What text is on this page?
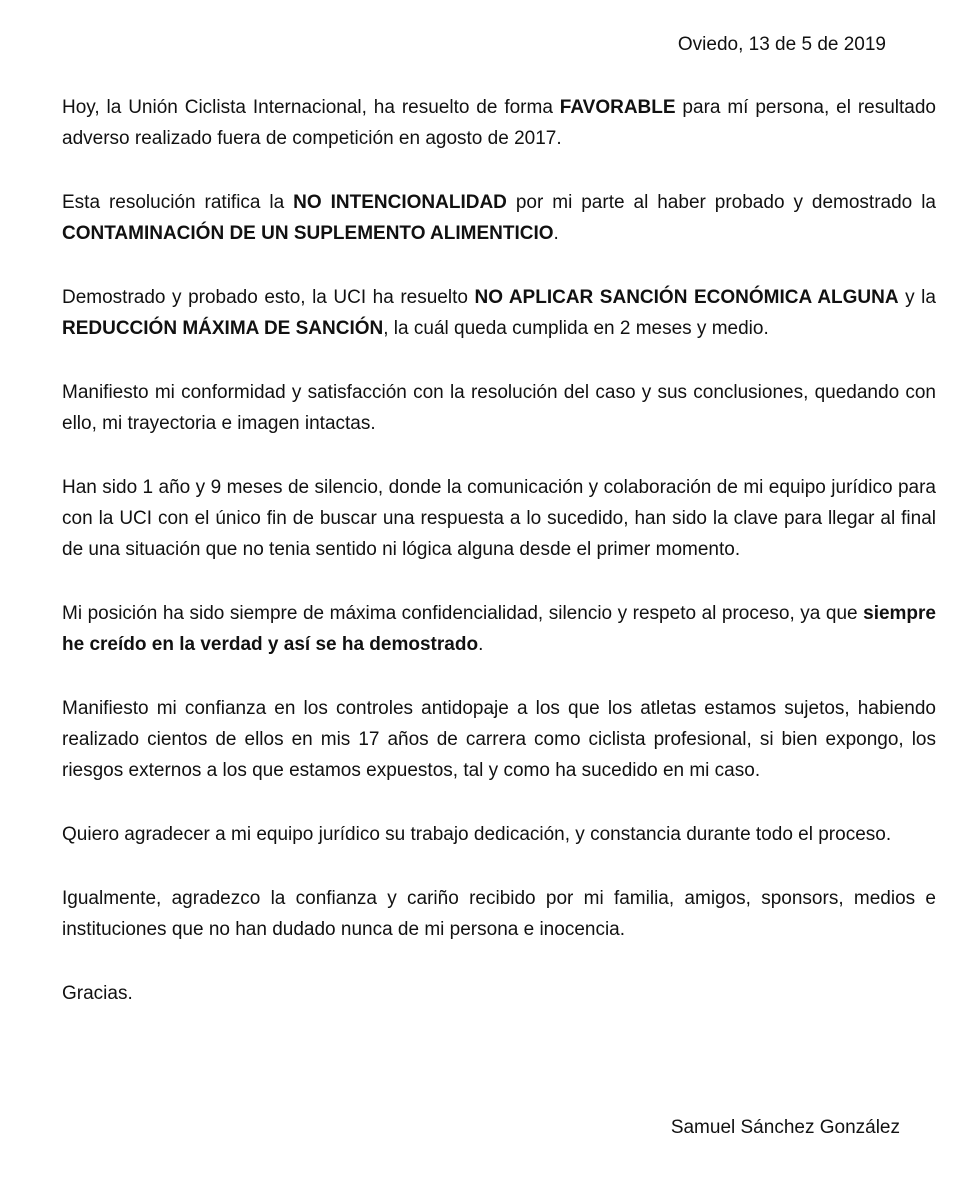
Oviedo, 13 de 5 de 2019

Hoy, la Unión Ciclista Internacional, ha resuelto de forma FAVORABLE para mí persona, el resultado adverso realizado fuera de competición en agosto de 2017.

Esta resolución ratifica la NO INTENCIONALIDAD por mi parte al haber probado y demostrado la CONTAMINACIÓN DE UN SUPLEMENTO ALIMENTICIO.

Demostrado y probado esto, la UCI ha resuelto NO APLICAR SANCIÓN ECONÓMICA ALGUNA y la REDUCCIÓN MÁXIMA DE SANCIÓN, la cuál queda cumplida en 2 meses y medio.

Manifiesto mi conformidad y satisfacción con la resolución del caso y sus conclusiones, quedando con ello, mi trayectoria e imagen intactas.

Han sido 1 año y 9 meses de silencio, donde la comunicación y colaboración de mi equipo jurídico para con la UCI con el único fin de buscar una respuesta a lo sucedido, han sido la clave para llegar al final de una situación que no tenia sentido ni lógica alguna desde el primer momento.

Mi posición ha sido siempre de máxima confidencialidad, silencio y respeto al proceso, ya que siempre he creído en la verdad y así se ha demostrado.

Manifiesto mi confianza en los controles antidopaje a los que los atletas estamos sujetos, habiendo realizado cientos de ellos en mis 17 años de carrera como ciclista profesional, si bien expongo, los riesgos externos a los que estamos expuestos, tal y como ha sucedido en mi caso.

Quiero agradecer a mi equipo jurídico su trabajo dedicación, y constancia durante todo el proceso.

Igualmente, agradezco la confianza y cariño recibido por mi familia, amigos, sponsors, medios e instituciones que no han dudado nunca de mi persona e inocencia.

Gracias.

Samuel Sánchez González
